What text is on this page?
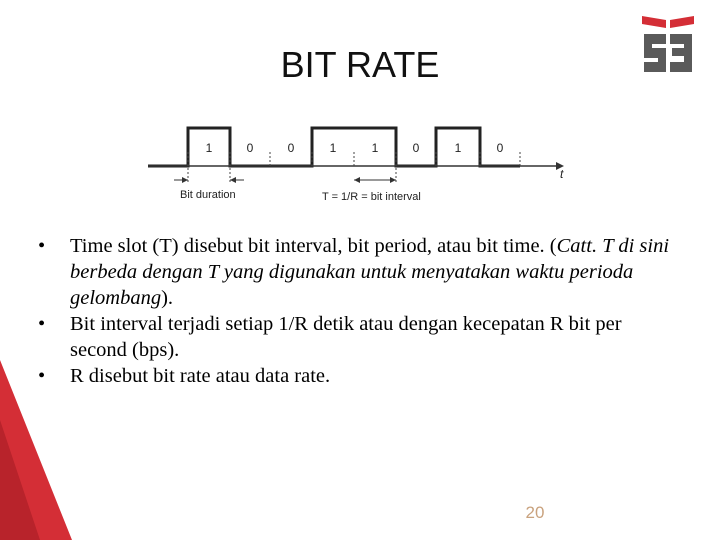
BIT RATE
t
1	0	0	1	1	0	1	0
Bit duration	T = 1/R = bit interval
• Time slot (T) disebut bit interval, bit period, atau bit time. (Catt. T di sini berbeda dengan T yang digunakan untuk menyatakan waktu perioda gelombang).
• Bit interval terjadi setiap 1/R detik atau dengan kecepatan R bit per second (bps).
• R disebut bit rate atau data rate.
20
